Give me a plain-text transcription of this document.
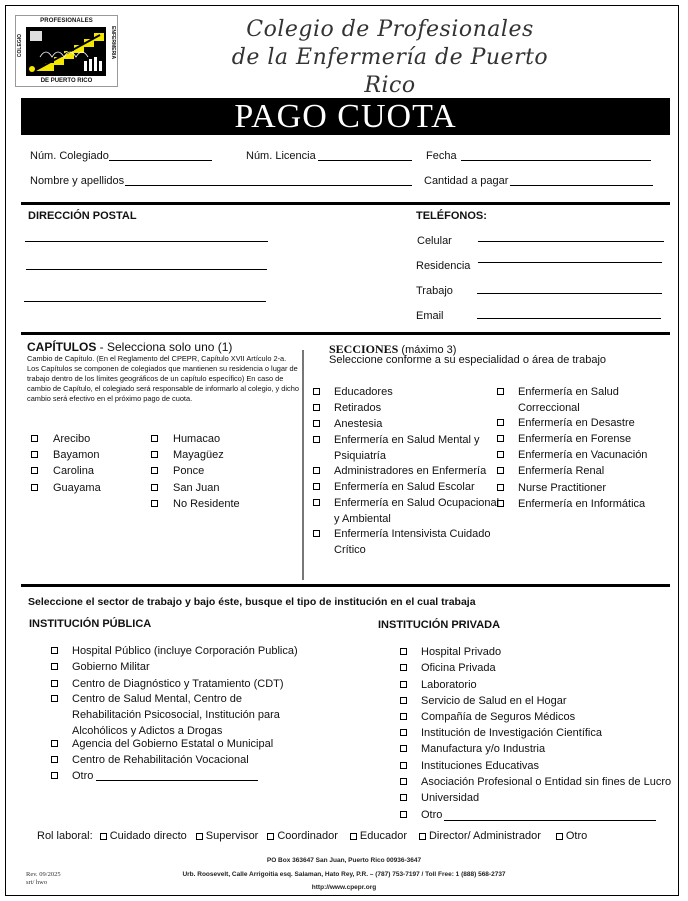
PROFESIONALES
COLEGIO	ENFERMERIA
DE PUERTO RICO
Colegio de Profesionales
de la Enfermería de Puerto Rico
PAGO CUOTA
Núm. Colegiado	Núm. Licencia	Fecha
Nombre y apellidos	Cantidad a pagar
DIRECCIÓN POSTAL	TELÉFONOS:
Celular
Residencia
Trabajo
Email
CAPÍTULOS - Selecciona solo uno (1)
Cambio de Capítulo. (En el Reglamento del CPEPR, Capítulo XVII Artículo 2-a. Los Capítulos se componen de colegiados que mantienen su residencia o lugar de trabajo dentro de los límites geográficos de un capítulo específico) En caso de cambio de Capítulo, el colegiado será responsable de informarlo al colegio, y dicho cambio será efectivo en el próximo pago de cuota.
Arecibo
Bayamon
Carolina
Guayama
Humacao
Mayagüez
Ponce
San Juan
No Residente
SECCIONES (máximo 3)
Seleccione conforme a su especialidad o área de trabajo
Educadores
Retirados
Anestesia
Enfermería en Salud Mental y Psiquiatría
Administradores en Enfermería
Enfermería en Salud Escolar
Enfermería en Salud Ocupacional y Ambiental
Enfermería Intensivista Cuidado Crítico
Enfermería en Salud Correccional
Enfermería en Desastre
Enfermería en Forense
Enfermería en Vacunación
Enfermería Renal
Nurse Practitioner
Enfermería en Informática
Seleccione el sector de trabajo y bajo éste, busque el tipo de institución en el cual trabaja
INSTITUCIÓN PÚBLICA	INSTITUCIÓN PRIVADA
Hospital Público (incluye Corporación Publica)
Gobierno Militar
Centro de Diagnóstico y Tratamiento (CDT)
Centro de Salud Mental, Centro de Rehabilitación Psicosocial, Institución para Alcohólicos y Adictos a Drogas
Agencia del Gobierno Estatal o Municipal
Centro de Rehabilitación Vocacional
Otro
Hospital Privado
Oficina Privada
Laboratorio
Servicio de Salud en el Hogar
Compañía de Seguros Médicos
Institución de Investigación Científica
Manufactura y/o Industria
Instituciones Educativas
Asociación Profesional o Entidad sin fines de Lucro
Universidad
Otro
Rol laboral: Cuidado directo Supervisor Coordinador Educador Director/ Administrador Otro
PO Box 363647 San Juan, Puerto Rico 00936-3647
Urb. Roosevelt, Calle Arrigoitia esq. Salaman, Hato Rey, P.R. – (787) 753-7197 / Toll Free: 1 (888) 568-2737
http://www.cpepr.org
Rev. 09/2025
srt/ hwo
